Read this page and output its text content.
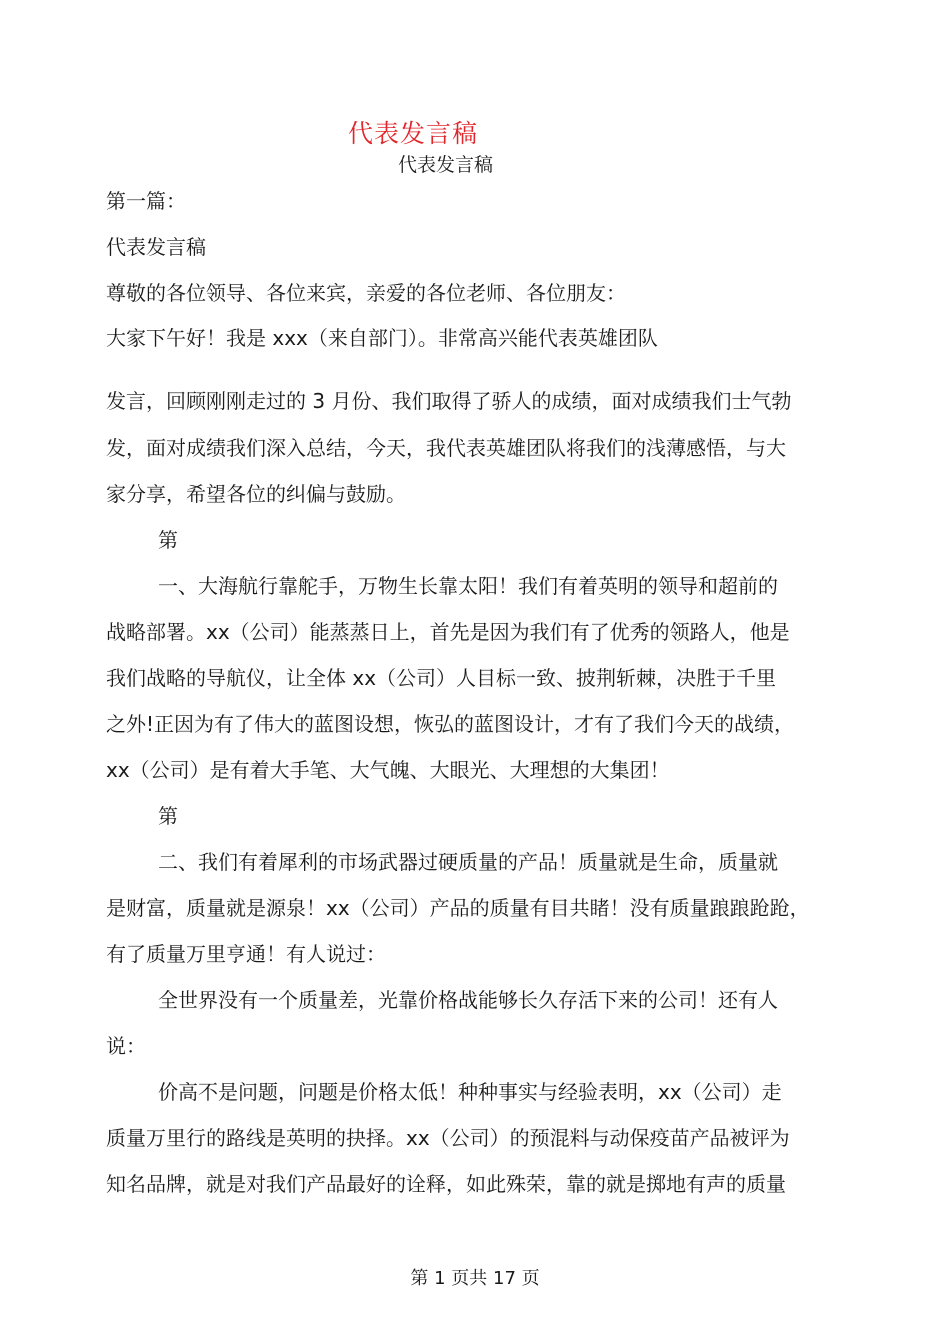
代表发言稿
代表发言稿
第一篇：
代表发言稿
尊敬的各位领导、各位来宾，亲爱的各位老师、各位朋友：
大家下午好！我是 xxx（来自部门）。非常高兴能代表英雄团队
发言，回顾刚刚走过的 3 月份、我们取得了骄人的成绩，面对成绩我们士气勃
发，面对成绩我们深入总结，今天，我代表英雄团队将我们的浅薄感悟，与大
家分享，希望各位的纠偏与鼓励。
第
一、大海航行靠舵手，万物生长靠太阳！我们有着英明的领导和超前的
战略部署。xx（公司）能蒸蒸日上，首先是因为我们有了优秀的领路人，他是
我们战略的导航仪，让全体 xx（公司）人目标一致、披荆斩棘，决胜于千里
之外!正因为有了伟大的蓝图设想，恢弘的蓝图设计，才有了我们今天的战绩，
xx（公司）是有着大手笔、大气魄、大眼光、大理想的大集团！
第
二、我们有着犀利的市场武器过硬质量的产品！质量就是生命，质量就
是财富，质量就是源泉！xx（公司）产品的质量有目共睹！没有质量踉踉跄跄，
有了质量万里亨通！有人说过：
全世界没有一个质量差，光靠价格战能够长久存活下来的公司！还有人
说：
价高不是问题，问题是价格太低！种种事实与经验表明，xx（公司）走
质量万里行的路线是英明的抉择。xx（公司）的预混料与动保疫苗产品被评为
知名品牌，就是对我们产品最好的诠释，如此殊荣，靠的就是掷地有声的质量
第 1 页共 17 页
